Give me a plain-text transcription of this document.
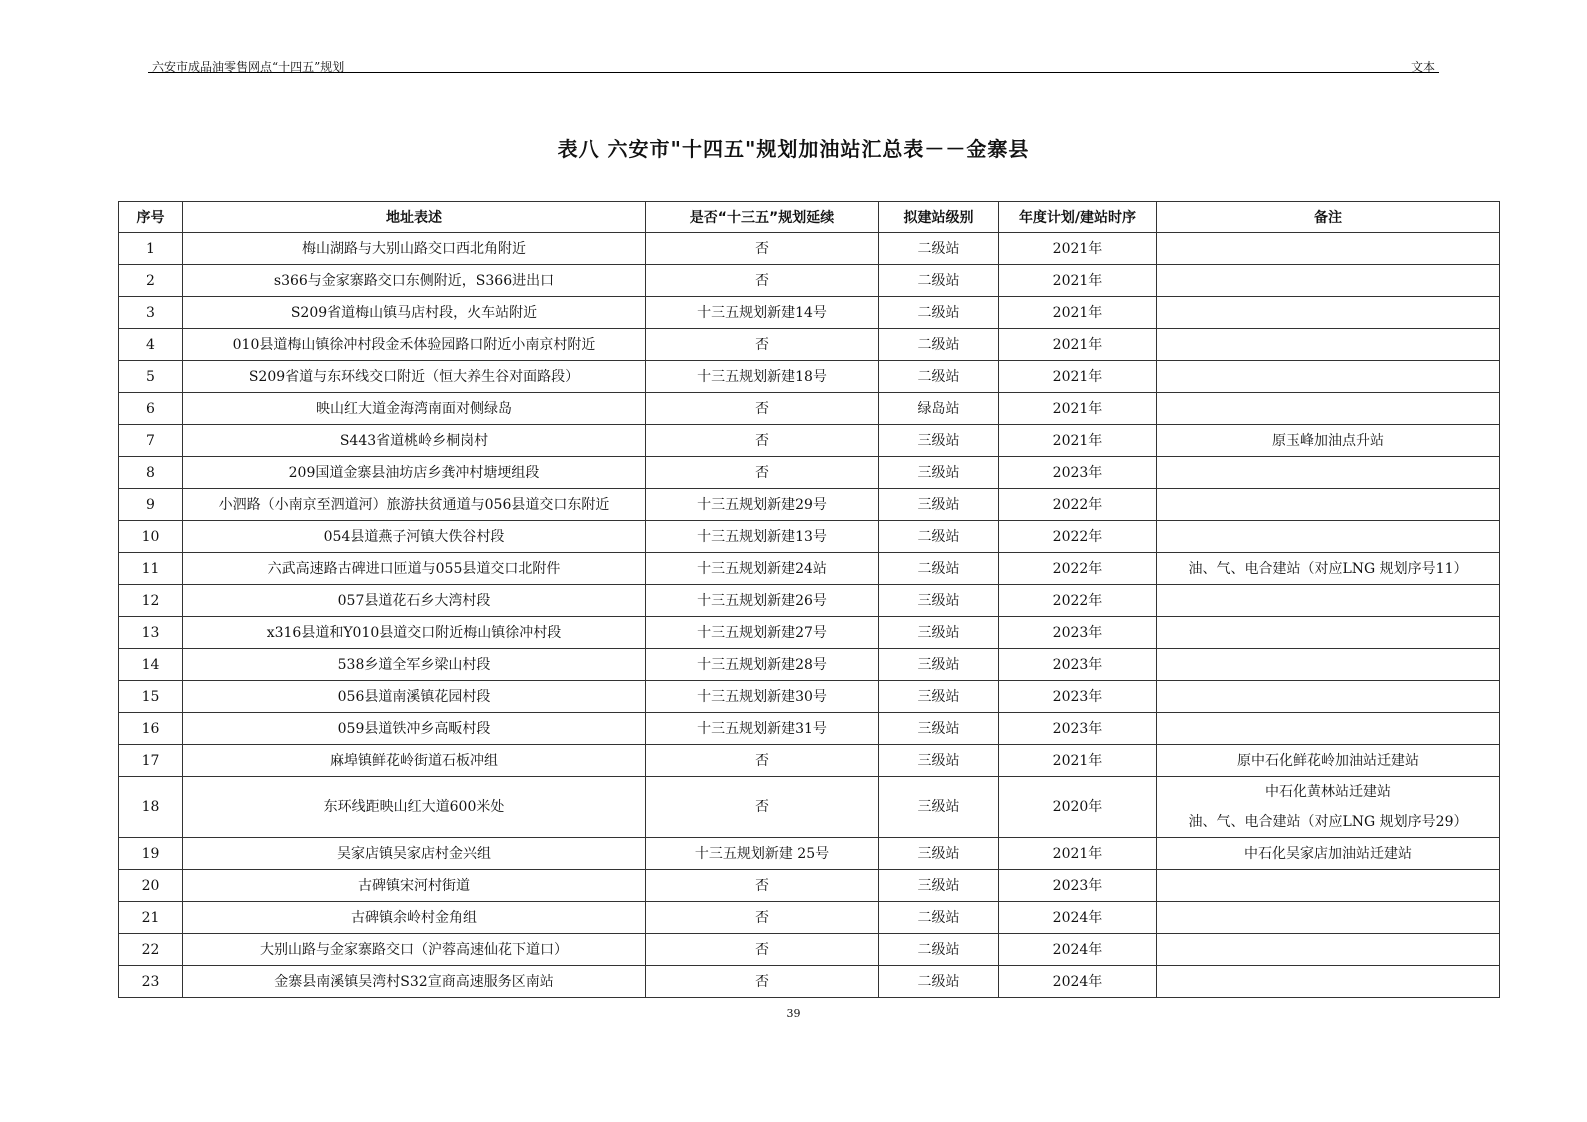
六安市成品油零售网点“十四五”规划	文本
表八 六安市"十四五"规划加油站汇总表－－金寨县
序号	地址表述	是否“十三五”规划延续	拟建站级别	年度计划/建站时序	备注
1	梅山湖路与大别山路交口西北角附近	否	二级站	2021年	
2	s366与金家寨路交口东侧附近，S366进出口	否	二级站	2021年	
3	S209省道梅山镇马店村段，火车站附近	十三五规划新建14号	二级站	2021年	
4	010县道梅山镇徐冲村段金禾体验园路口附近小南京村附近	否	二级站	2021年	
5	S209省道与东环线交口附近（恒大养生谷对面路段）	十三五规划新建18号	二级站	2021年	
6	映山红大道金海湾南面对侧绿岛	否	绿岛站	2021年	
7	S443省道桃岭乡桐岗村	否	三级站	2021年	原玉峰加油点升站
8	209国道金寨县油坊店乡龚冲村塘埂组段	否	三级站	2023年	
9	小泗路（小南京至泗道河）旅游扶贫通道与056县道交口东附近	十三五规划新建29号	三级站	2022年	
10	054县道燕子河镇大佚谷村段	十三五规划新建13号	二级站	2022年	
11	六武高速路古碑进口匝道与055县道交口北附件	十三五规划新建24站	二级站	2022年	油、气、电合建站（对应LNG 规划序号11）
12	057县道花石乡大湾村段	十三五规划新建26号	三级站	2022年	
13	x316县道和Y010县道交口附近梅山镇徐冲村段	十三五规划新建27号	三级站	2023年	
14	538乡道全军乡梁山村段	十三五规划新建28号	三级站	2023年	
15	056县道南溪镇花园村段	十三五规划新建30号	三级站	2023年	
16	059县道铁冲乡高畈村段	十三五规划新建31号	三级站	2023年	
17	麻埠镇鲜花岭街道石板冲组	否	三级站	2021年	原中石化鲜花岭加油站迁建站
18	东环线距映山红大道600米处	否	三级站	2020年	中石化黄林站迁建站
油、气、电合建站（对应LNG 规划序号29）
19	吴家店镇吴家店村金兴组	十三五规划新建 25号	三级站	2021年	中石化吴家店加油站迁建站
20	古碑镇宋河村街道	否	三级站	2023年	
21	古碑镇余岭村金角组	否	二级站	2024年	
22	大别山路与金家寨路交口（沪蓉高速仙花下道口）	否	二级站	2024年	
23	金寨县南溪镇吴湾村S32宣商高速服务区南站	否	二级站	2024年	
39
